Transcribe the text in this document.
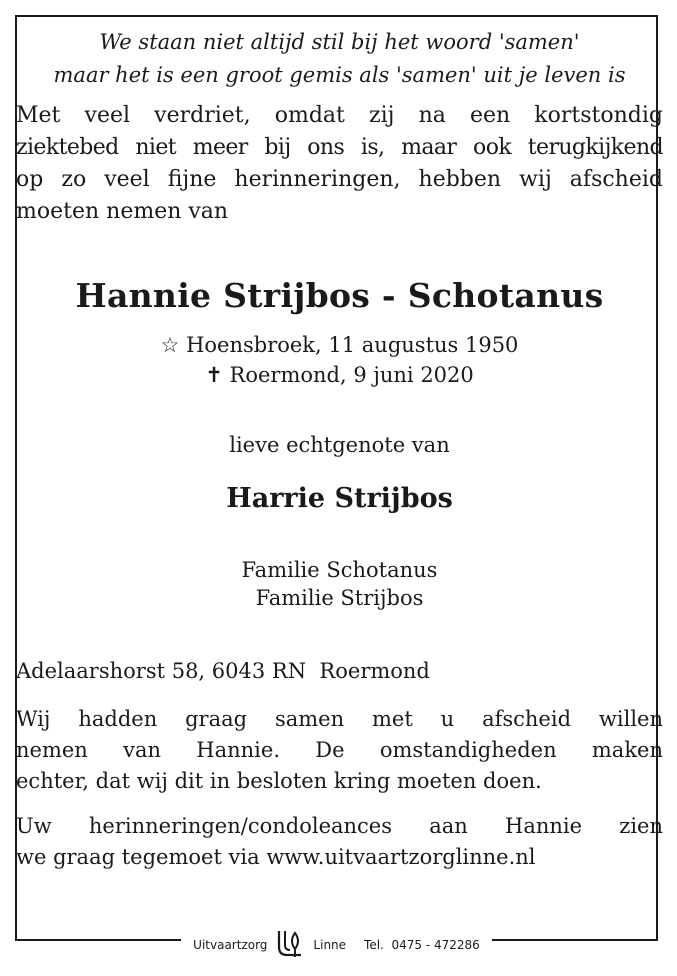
We staan niet altijd stil bij het woord 'samen'
maar het is een groot gemis als 'samen' uit je leven is
Met veel verdriet, omdat zij na een kortstondig
ziektebed niet meer bij ons is, maar ook terugkijkend
op zo veel fijne herinneringen, hebben wij afscheid
moeten nemen van
Hannie Strijbos - Schotanus
☆ Hoensbroek, 11 augustus 1950
✝ Roermond, 9 juni 2020
lieve echtgenote van
Harrie Strijbos
Familie Schotanus
Familie Strijbos
Adelaarshorst 58, 6043 RN  Roermond
Wij hadden graag samen met u afscheid willen
nemen van Hannie. De omstandigheden maken
echter, dat wij dit in besloten kring moeten doen.
Uw herinneringen/condoleances aan Hannie zien
we graag tegemoet via www.uitvaartzorglinne.nl
Uitvaartzorg	Linne Tel.  0475 - 472286
